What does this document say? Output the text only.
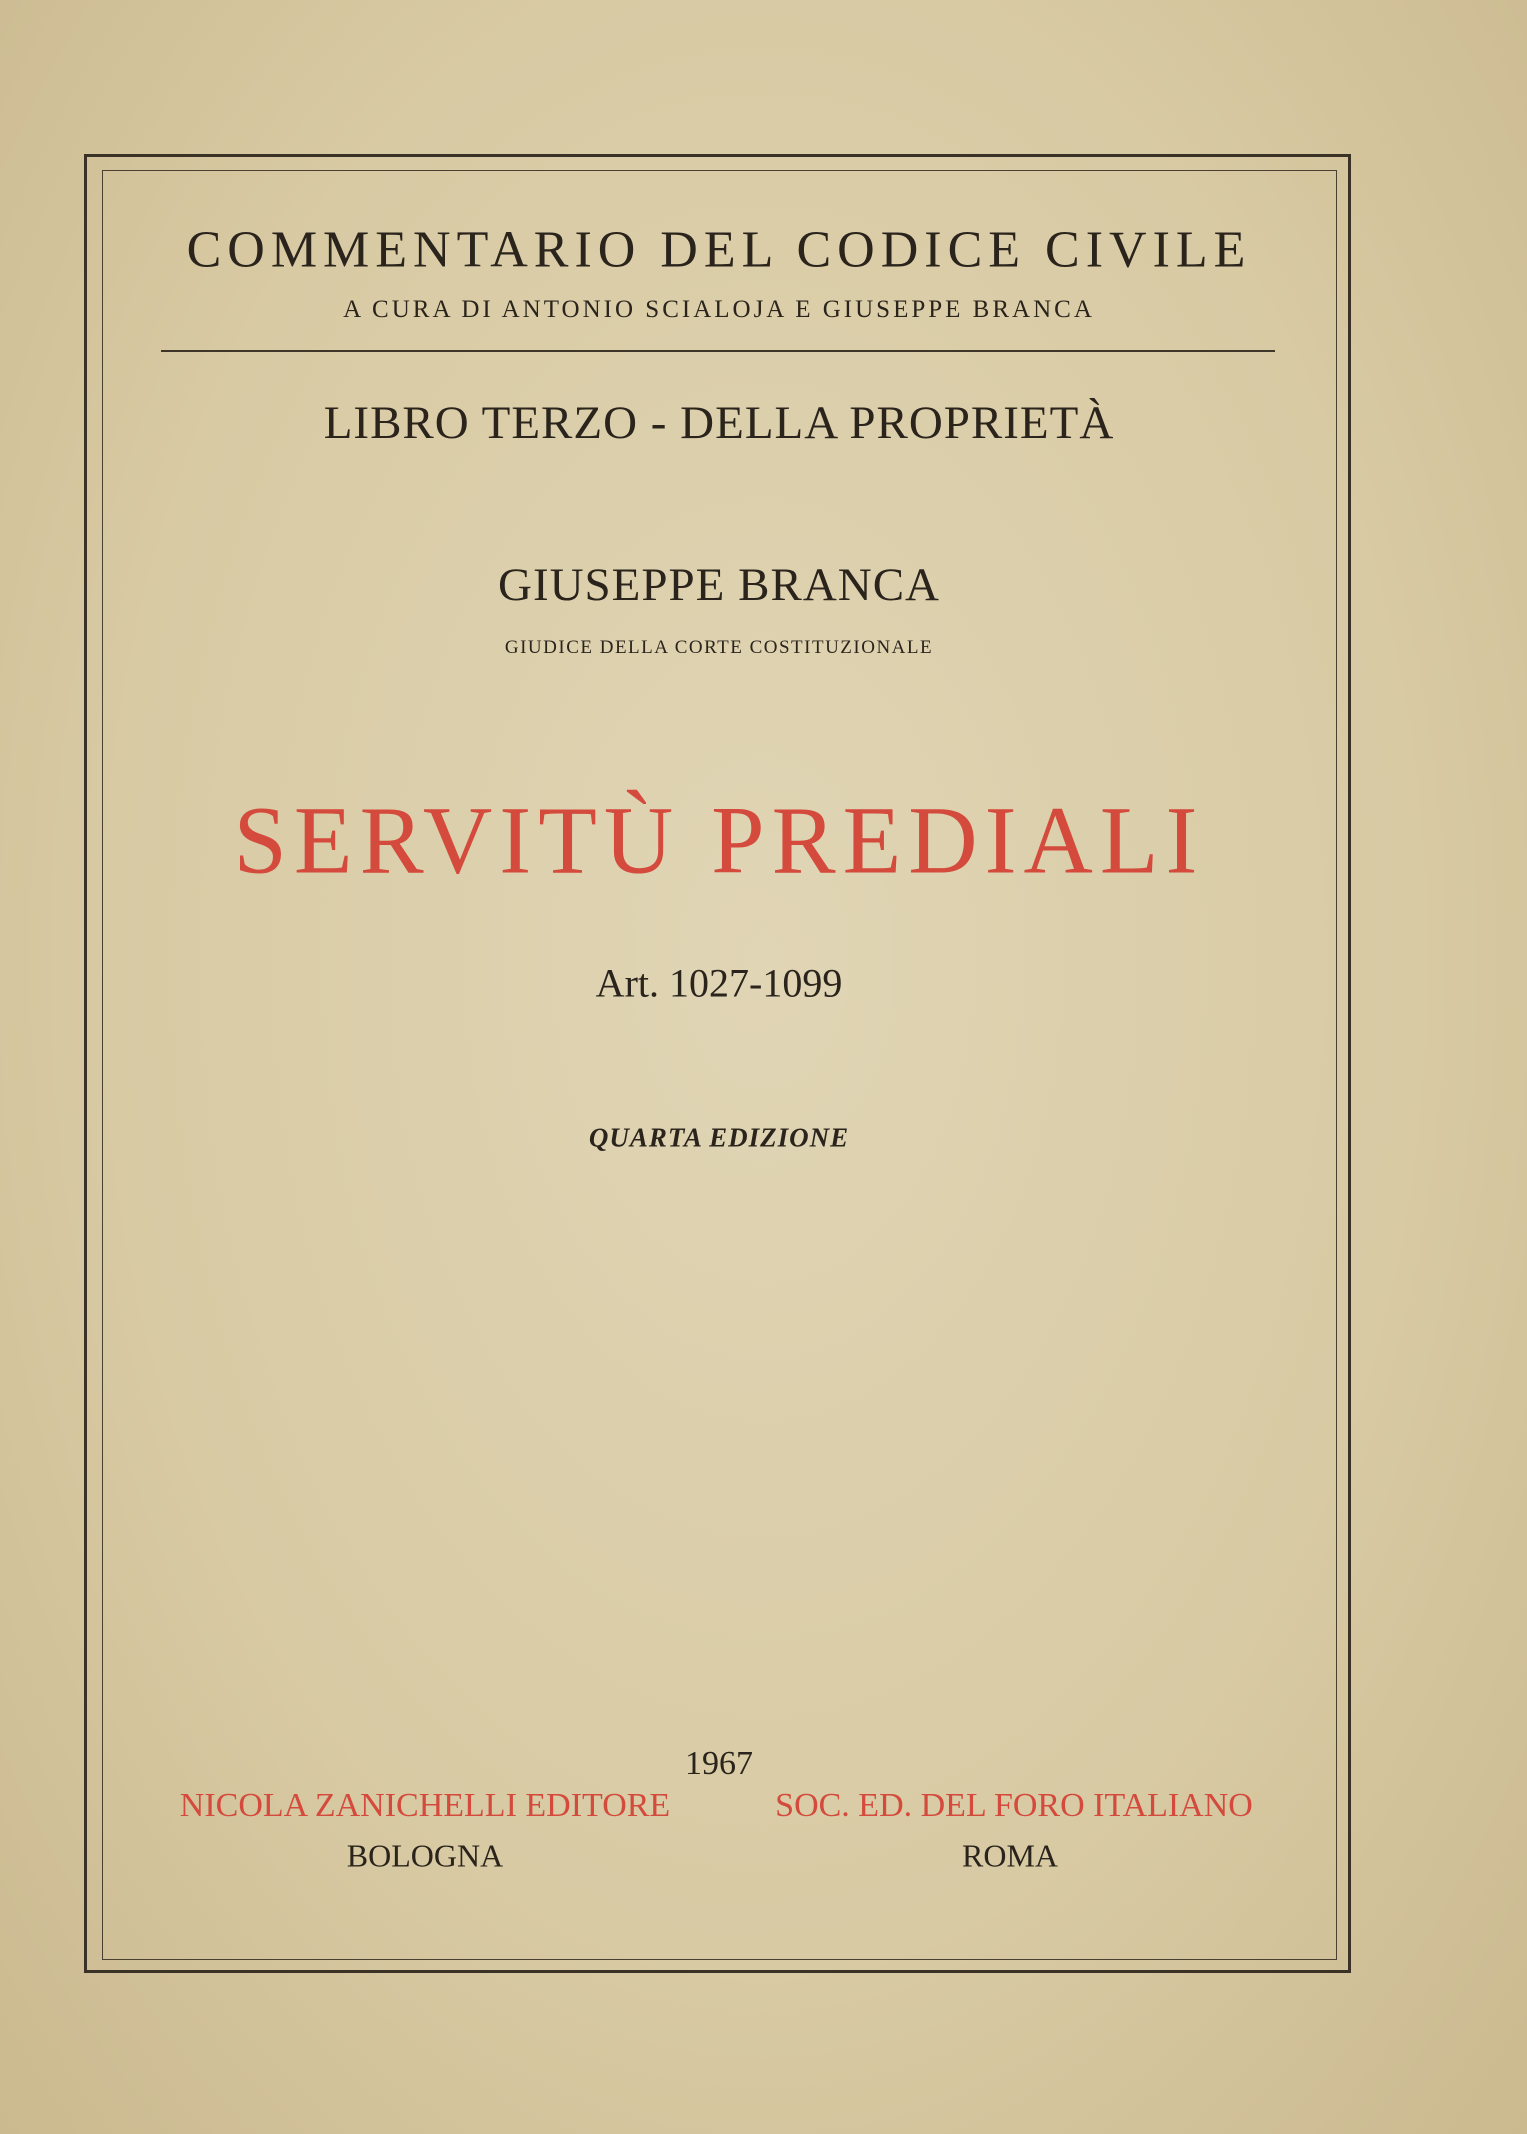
COMMENTARIO DEL CODICE CIVILE
A CURA DI ANTONIO SCIALOJA E GIUSEPPE BRANCA
LIBRO TERZO - DELLA PROPRIETÀ
GIUSEPPE BRANCA
GIUDICE DELLA CORTE COSTITUZIONALE
SERVITÙ PREDIALI
Art. 1027-1099
QUARTA EDIZIONE
1967
NICOLA ZANICHELLI EDITORE	SOC. ED. DEL FORO ITALIANO
BOLOGNA	ROMA
